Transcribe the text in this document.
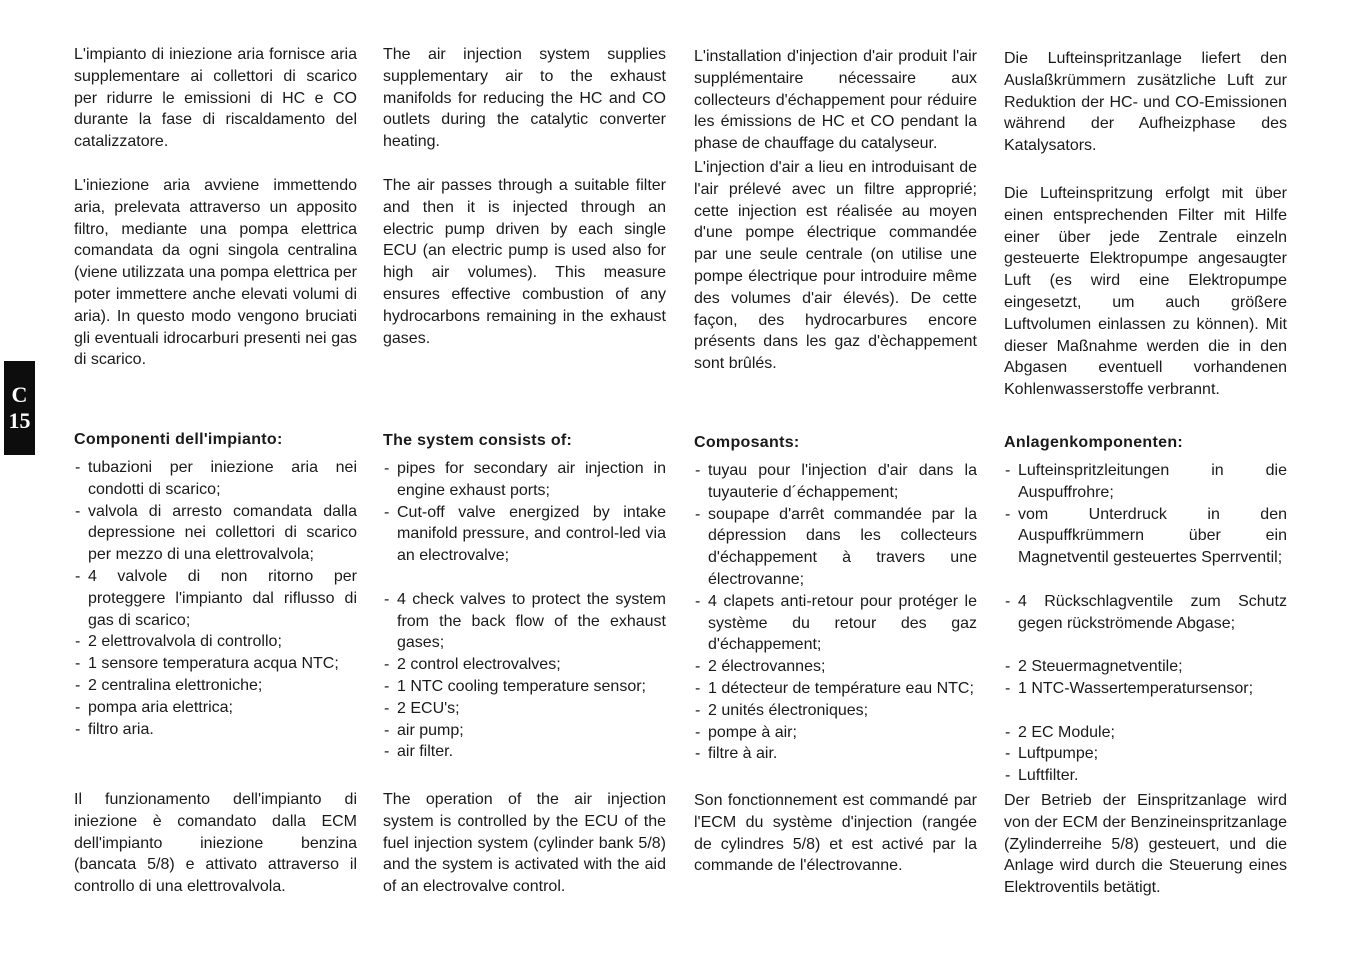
C
15

L'impianto di iniezione aria fornisce aria supplementare ai collettori di scarico per ridurre le emissioni di HC e CO durante la fase di riscaldamento del catalizzatore.

L'iniezione aria avviene immettendo aria, prelevata attraverso un apposito filtro, mediante una pompa elettrica comandata da ogni singola centralina (viene utilizzata una pompa elettrica per poter immettere anche elevati volumi di aria). In questo modo vengono bruciati gli eventuali idrocarburi presenti nei gas di scarico.

Componenti dell'impianto:
- tubazioni per iniezione aria nei condotti di scarico;
- valvola di arresto comandata dalla depressione nei collettori di scarico per mezzo di una elettrovalvola;
- 4 valvole di non ritorno per proteggere l'impianto dal riflusso di gas di scarico;
- 2 elettrovalvola di controllo;
- 1 sensore temperatura acqua NTC;
- 2 centralina elettroniche;
- pompa aria elettrica;
- filtro aria.

Il funzionamento dell'impianto di iniezione è comandato dalla ECM dell'impianto iniezione benzina (bancata 5/8) e attivato attraverso il controllo di una elettrovalvola.

The air injection system supplies supplementary air to the exhaust manifolds for reducing the HC and CO outlets during the catalytic converter heating.

The air passes through a suitable filter and then it is injected through an electric pump driven by each single ECU (an electric pump is used also for high air volumes). This measure ensures effective combustion of any hydrocarbons remaining in the exhaust gases.

The system consists of:
- pipes for secondary air injection in engine exhaust ports;
- Cut-off valve energized by intake manifold pressure, and control-led via an electrovalve;
- 4 check valves to protect the system from the back flow of the exhaust gases;
- 2 control electrovalves;
- 1 NTC cooling temperature sensor;
- 2 ECU's;
- air pump;
- air filter.

The operation of the air injection system is controlled by the ECU of the fuel injection system (cylinder bank 5/8) and the system is activated with the aid of an electrovalve control.

L'installation d'injection d'air produit l'air supplémentaire nécessaire aux collecteurs d'échappement pour réduire les émissions de HC et CO pendant la phase de chauffage du catalyseur.

L'injection d'air a lieu en introduisant de l'air prélevé avec un filtre approprié; cette injection est réalisée au moyen d'une pompe électrique commandée par une seule centrale (on utilise une pompe électrique pour introduire même des volumes d'air élevés). De cette façon, des hydrocarbures encore présents dans les gaz d'èchappement sont brûlés.

Composants:
- tuyau pour l'injection d'air dans la tuyauterie d´échappement;
- soupape d'arrêt commandée par la dépression dans les collecteurs d'échappement à travers une électrovanne;
- 4 clapets anti-retour pour protéger le système du retour des gaz d'échappement;
- 2 électrovannes;
- 1 détecteur de température eau NTC;
- 2 unités électroniques;
- pompe à air;
- filtre à air.

Son fonctionnement est commandé par l'ECM du système d'injection (rangée de cylindres 5/8) et est activé par la commande de l'électrovanne.

Die Lufteinspritzanlage liefert den Auslaßkrümmern zusätzliche Luft zur Reduktion der HC- und CO-Emissionen während der Aufheizphase des Katalysators.

Die Lufteinspritzung erfolgt mit über einen entsprechenden Filter mit Hilfe einer über jede Zentrale einzeln gesteuerte Elektropumpe angesaugter Luft (es wird eine Elektropumpe eingesetzt, um auch größere Luftvolumen einlassen zu können). Mit dieser Maßnahme werden die in den Abgasen eventuell vorhandenen Kohlenwasserstoffe verbrannt.

Anlagenkomponenten:
- Lufteinspritzleitungen in die Auspuffrohre;
- vom Unterdruck in den Auspuffkrümmern über ein Magnetventil gesteuertes Sperrventil;
- 4 Rückschlagventile zum Schutz gegen rückströmende Abgase;
- 2 Steuermagnetventile;
- 1 NTC-Wassertemperatursensor;
- 2 EC Module;
- Luftpumpe;
- Luftfilter.

Der Betrieb der Einspritzanlage wird von der ECM der Benzineinspritzanlage (Zylinderreihe 5/8) gesteuert, und die Anlage wird durch die Steuerung eines Elektroventils betätigt.
